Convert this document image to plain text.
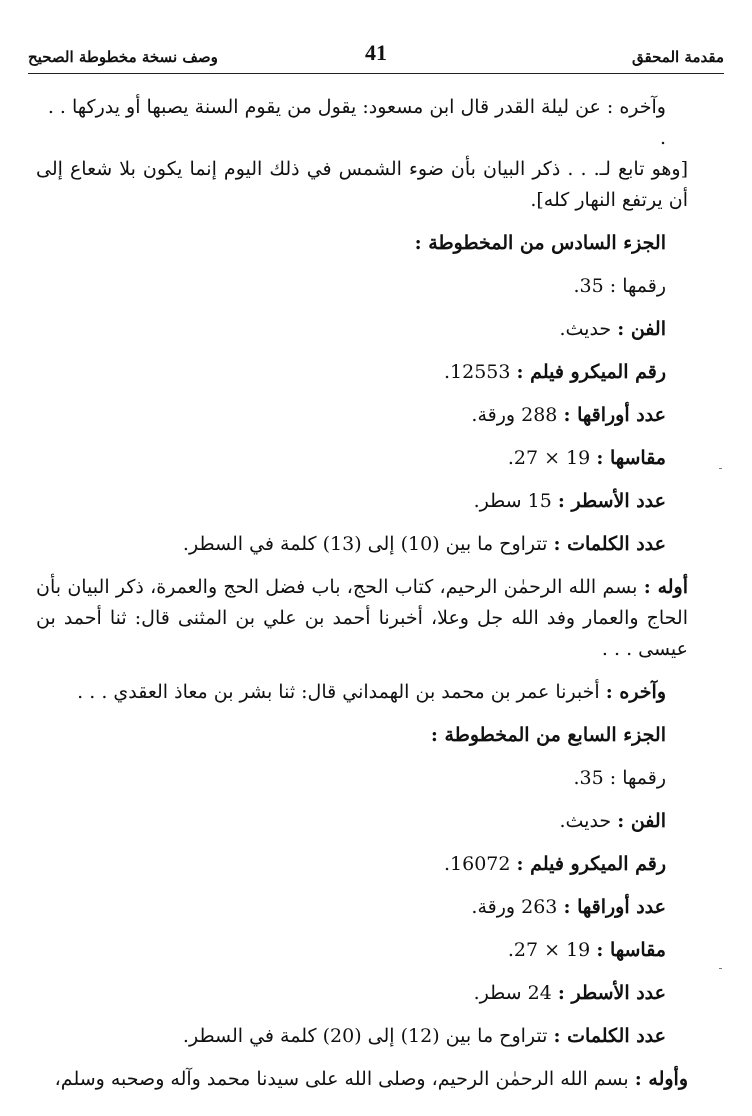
مقدمة المحقق
41
وصف نسخة مخطوطة الصحيح

وآخره : عن ليلة القدر قال ابن مسعود: يقول من يقوم السنة يصبها أو يدركها . . .

[وهو تابع لـ. . . ذكر البيان بأن ضوء الشمس في ذلك اليوم إنما يكون بلا شعاع إلى أن يرتفع النهار كله].

الجزء السادس من المخطوطة :

رقمها : 35.

الفن : حديث.

رقم الميكرو فيلم : 12553.

عدد أوراقها : 288 ورقة.

مقاسها : 19 × 27.

عدد الأسطر : 15 سطر.

عدد الكلمات : تتراوح ما بين (10) إلى (13) كلمة في السطر.

أوله : بسم الله الرحمٰن الرحيم، كتاب الحج، باب فضل الحج والعمرة، ذكر البيان بأن الحاج والعمار وفد الله جل وعلا، أخبرنا أحمد بن علي بن المثنى قال: ثنا أحمد بن عيسى . . .

وآخره : أخبرنا عمر بن محمد بن الهمداني قال: ثنا بشر بن معاذ العقدي . . .

الجزء السابع من المخطوطة :

رقمها : 35.

الفن : حديث.

رقم الميكرو فيلم : 16072.

عدد أوراقها : 263 ورقة.

مقاسها : 19 × 27.

عدد الأسطر : 24 سطر.

عدد الكلمات : تتراوح ما بين (12) إلى (20) كلمة في السطر.

وأوله : بسم الله الرحمٰن الرحيم، وصلى الله على سيدنا محمد وآله وصحبه وسلم،
